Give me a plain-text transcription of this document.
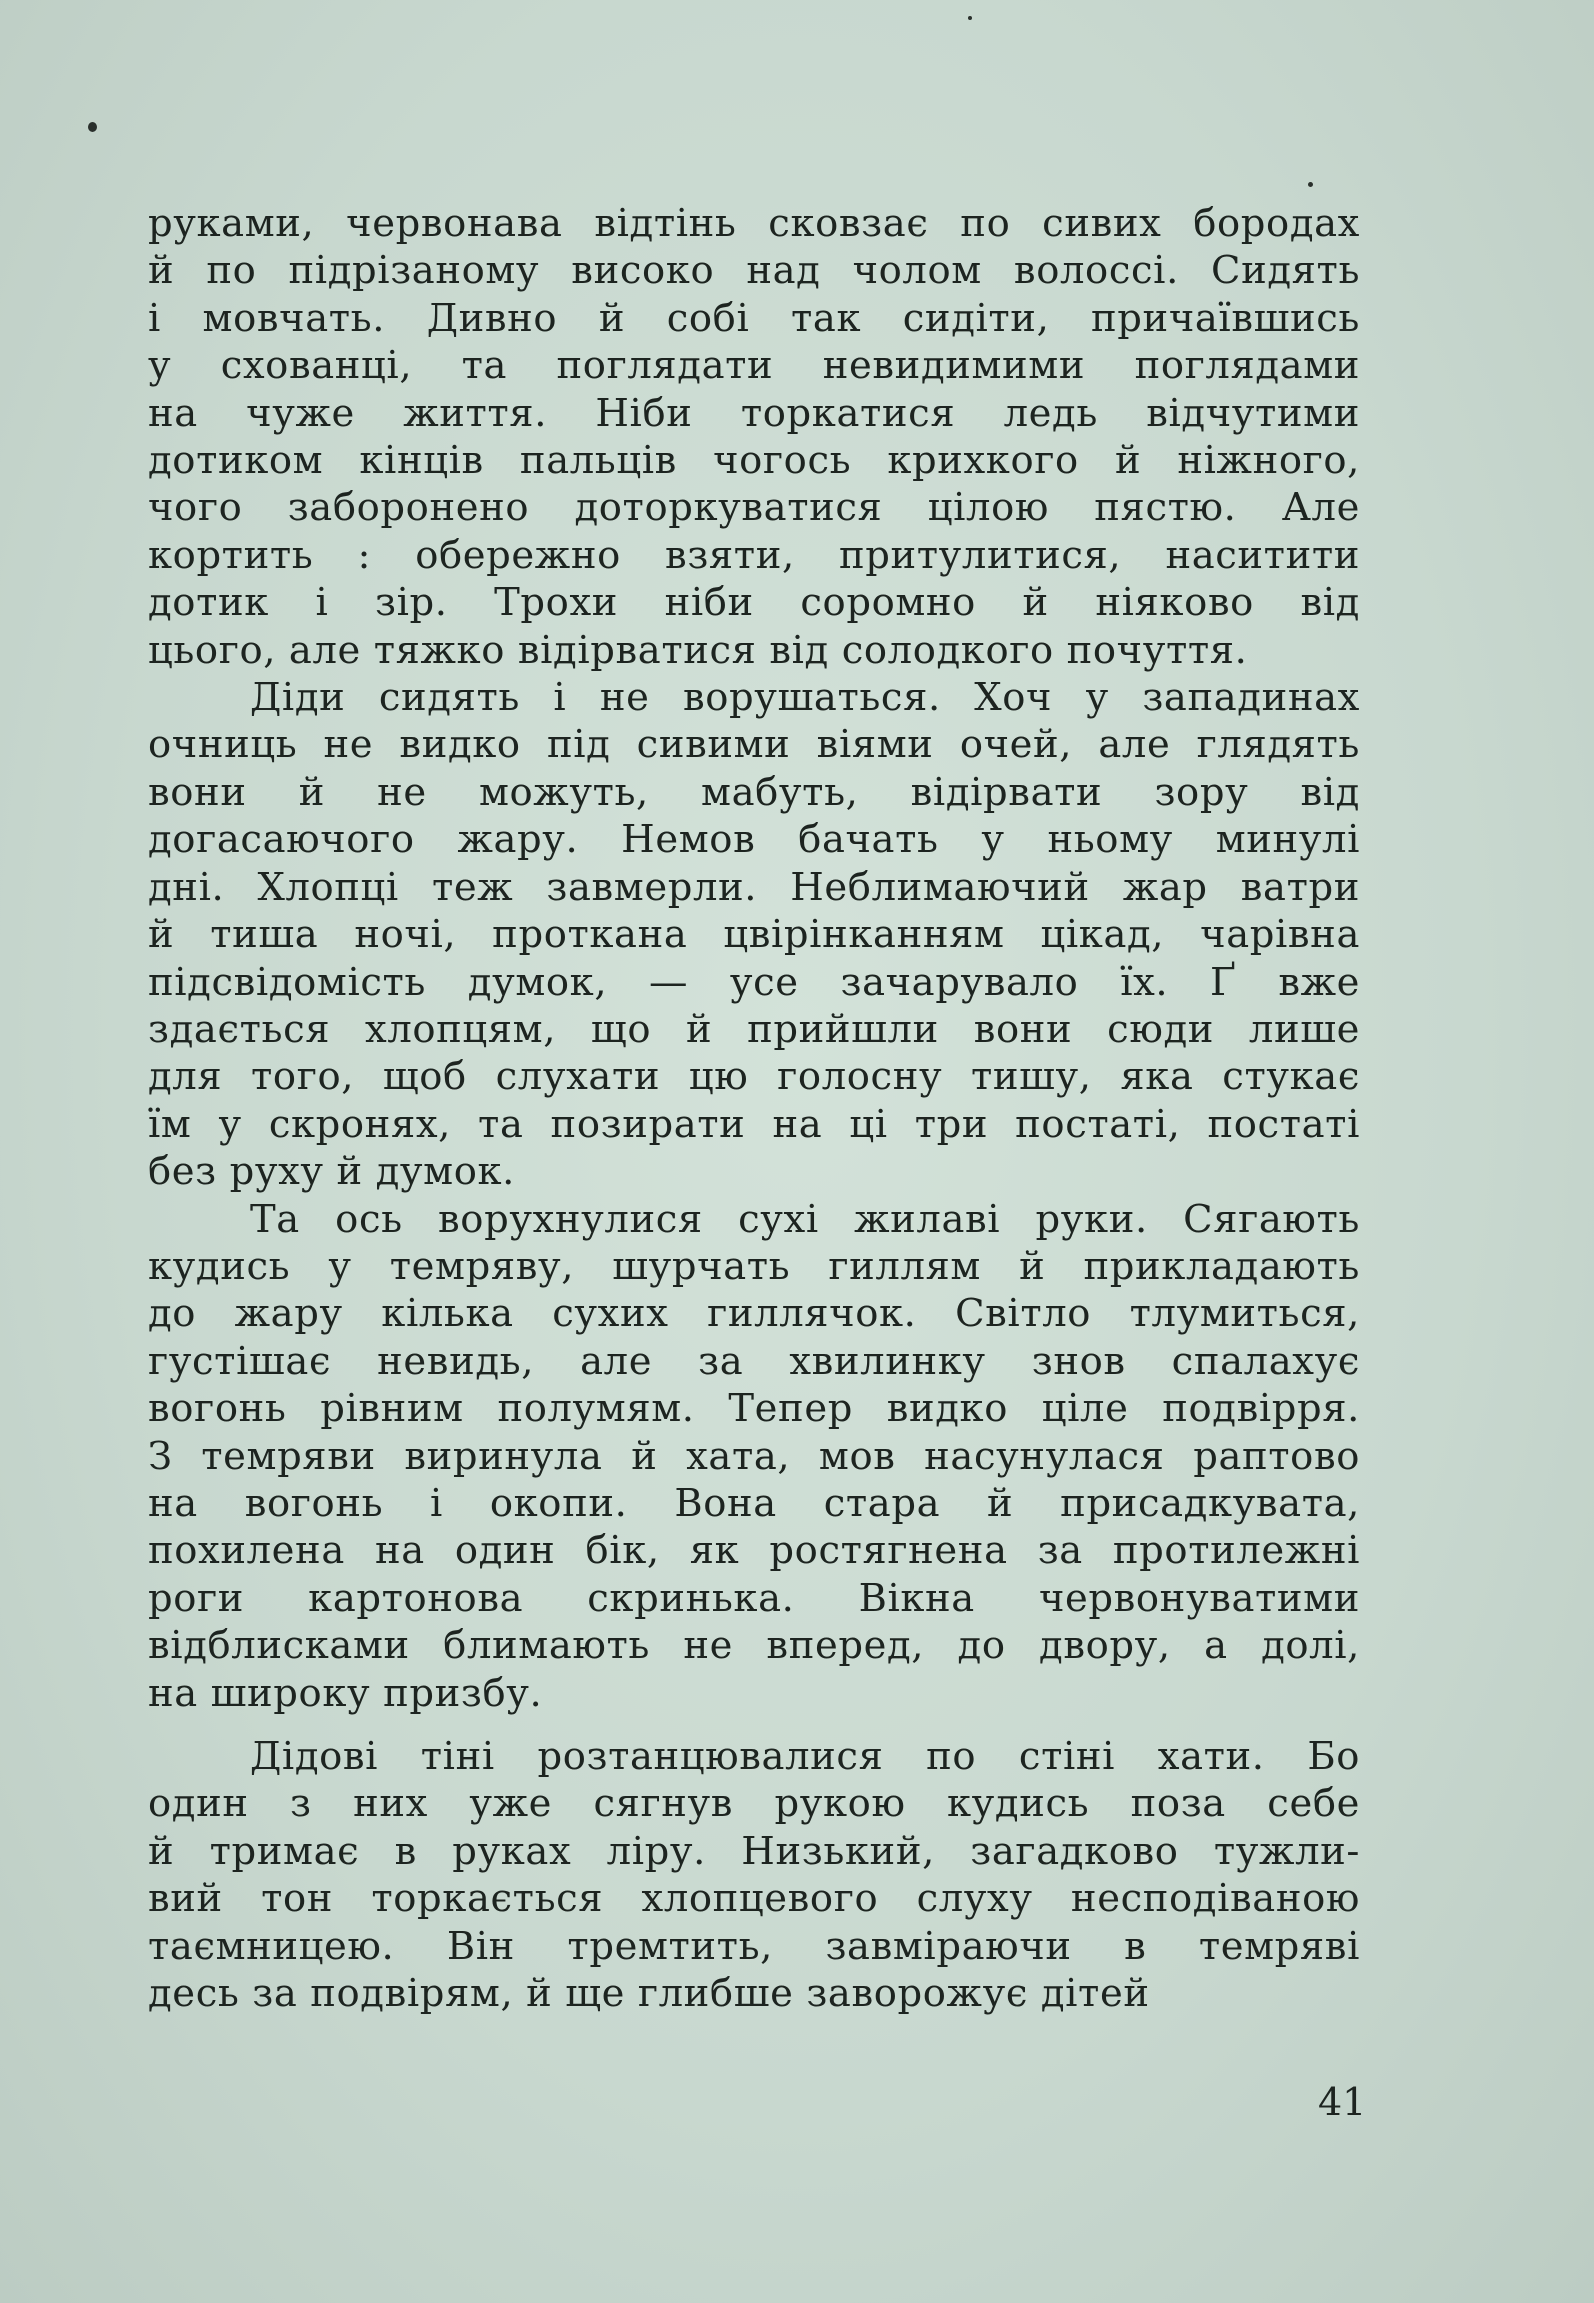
руками, червонава відтінь сковзає по сивих бородах
й по підрізаному високо над чолом волоссі. Сидять
і мовчать. Дивно й собі так сидіти, причаївшись
у схованці, та поглядати невидимими поглядами
на чуже життя. Ніби торкатися ледь відчутими
дотиком кінців пальців чогось крихкого й ніжного,
чого заборонено доторкуватися цілою пястю. Але
кортить : обережно взяти, притулитися, наситити
дотик і зір. Трохи ніби соромно й ніяково від
цього, але тяжко відірватися від солодкого почуття.
Діди сидять і не ворушаться. Хоч у западинах
очниць не видко під сивими віями очей, але глядять
вони й не можуть, мабуть, відірвати зору від
догасаючого жару. Немов бачать у ньому минулі
дні. Хлопці теж завмерли. Неблимаючий жар ватри
й тиша ночі, проткана цвірінканням цікад, чарівна
підсвідомість думок, — усе зачарувало їх. Ґ вже
здається хлопцям, що й прийшли вони сюди лише
для того, щоб слухати цю голосну тишу, яка стукає
їм у скронях, та позирати на ці три постаті, постаті
без руху й думок.
Та ось ворухнулися сухі жилаві руки. Сягають
кудись у темряву, шурчать гиллям й прикладають
до жару кілька сухих гиллячок. Світло тлумиться,
густішає невидь, але за хвилинку знов спалахує
вогонь рівним полумям. Тепер видко ціле подвірря.
З темряви виринула й хата, мов насунулася раптово
на вогонь і окопи. Вона стара й присадкувата,
похилена на один бік, як ростягнена за протилежні
роги картонова скринька. Вікна червонуватими
відблисками блимають не вперед, до двору, а долі,
на широку призбу.
Дідові тіні розтанцювалися по стіні хати. Бо
один з них уже сягнув рукою кудись поза себе
й тримає в руках ліру. Низький, загадково тужли-
вий тон торкається хлопцевого слуху несподіваною
таємницею. Він тремтить, завміраючи в темряві
десь за подвірям, й ще глибше заворожує дітей
41
